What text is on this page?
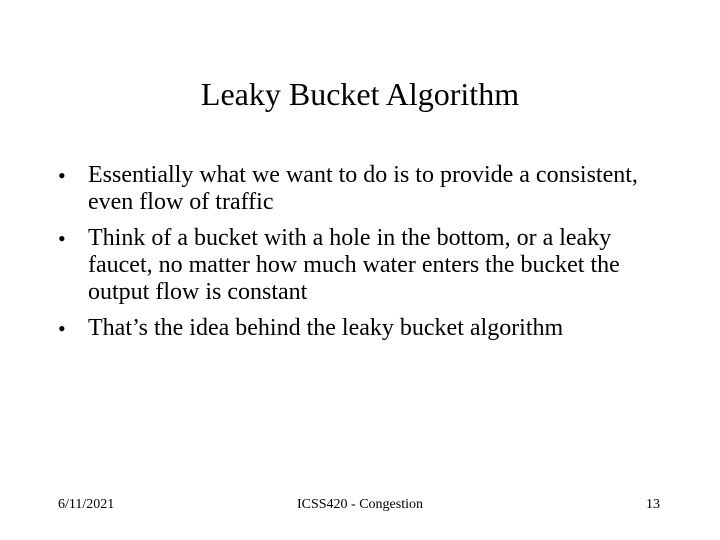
Leaky Bucket Algorithm
• Essentially what we want to do is to provide a consistent, even flow of traffic
• Think of a bucket with a hole in the bottom, or a leaky faucet, no matter how much water enters the bucket the output flow is constant
• That’s the idea behind the leaky bucket algorithm
6/11/2021	ICSS420 - Congestion	13
